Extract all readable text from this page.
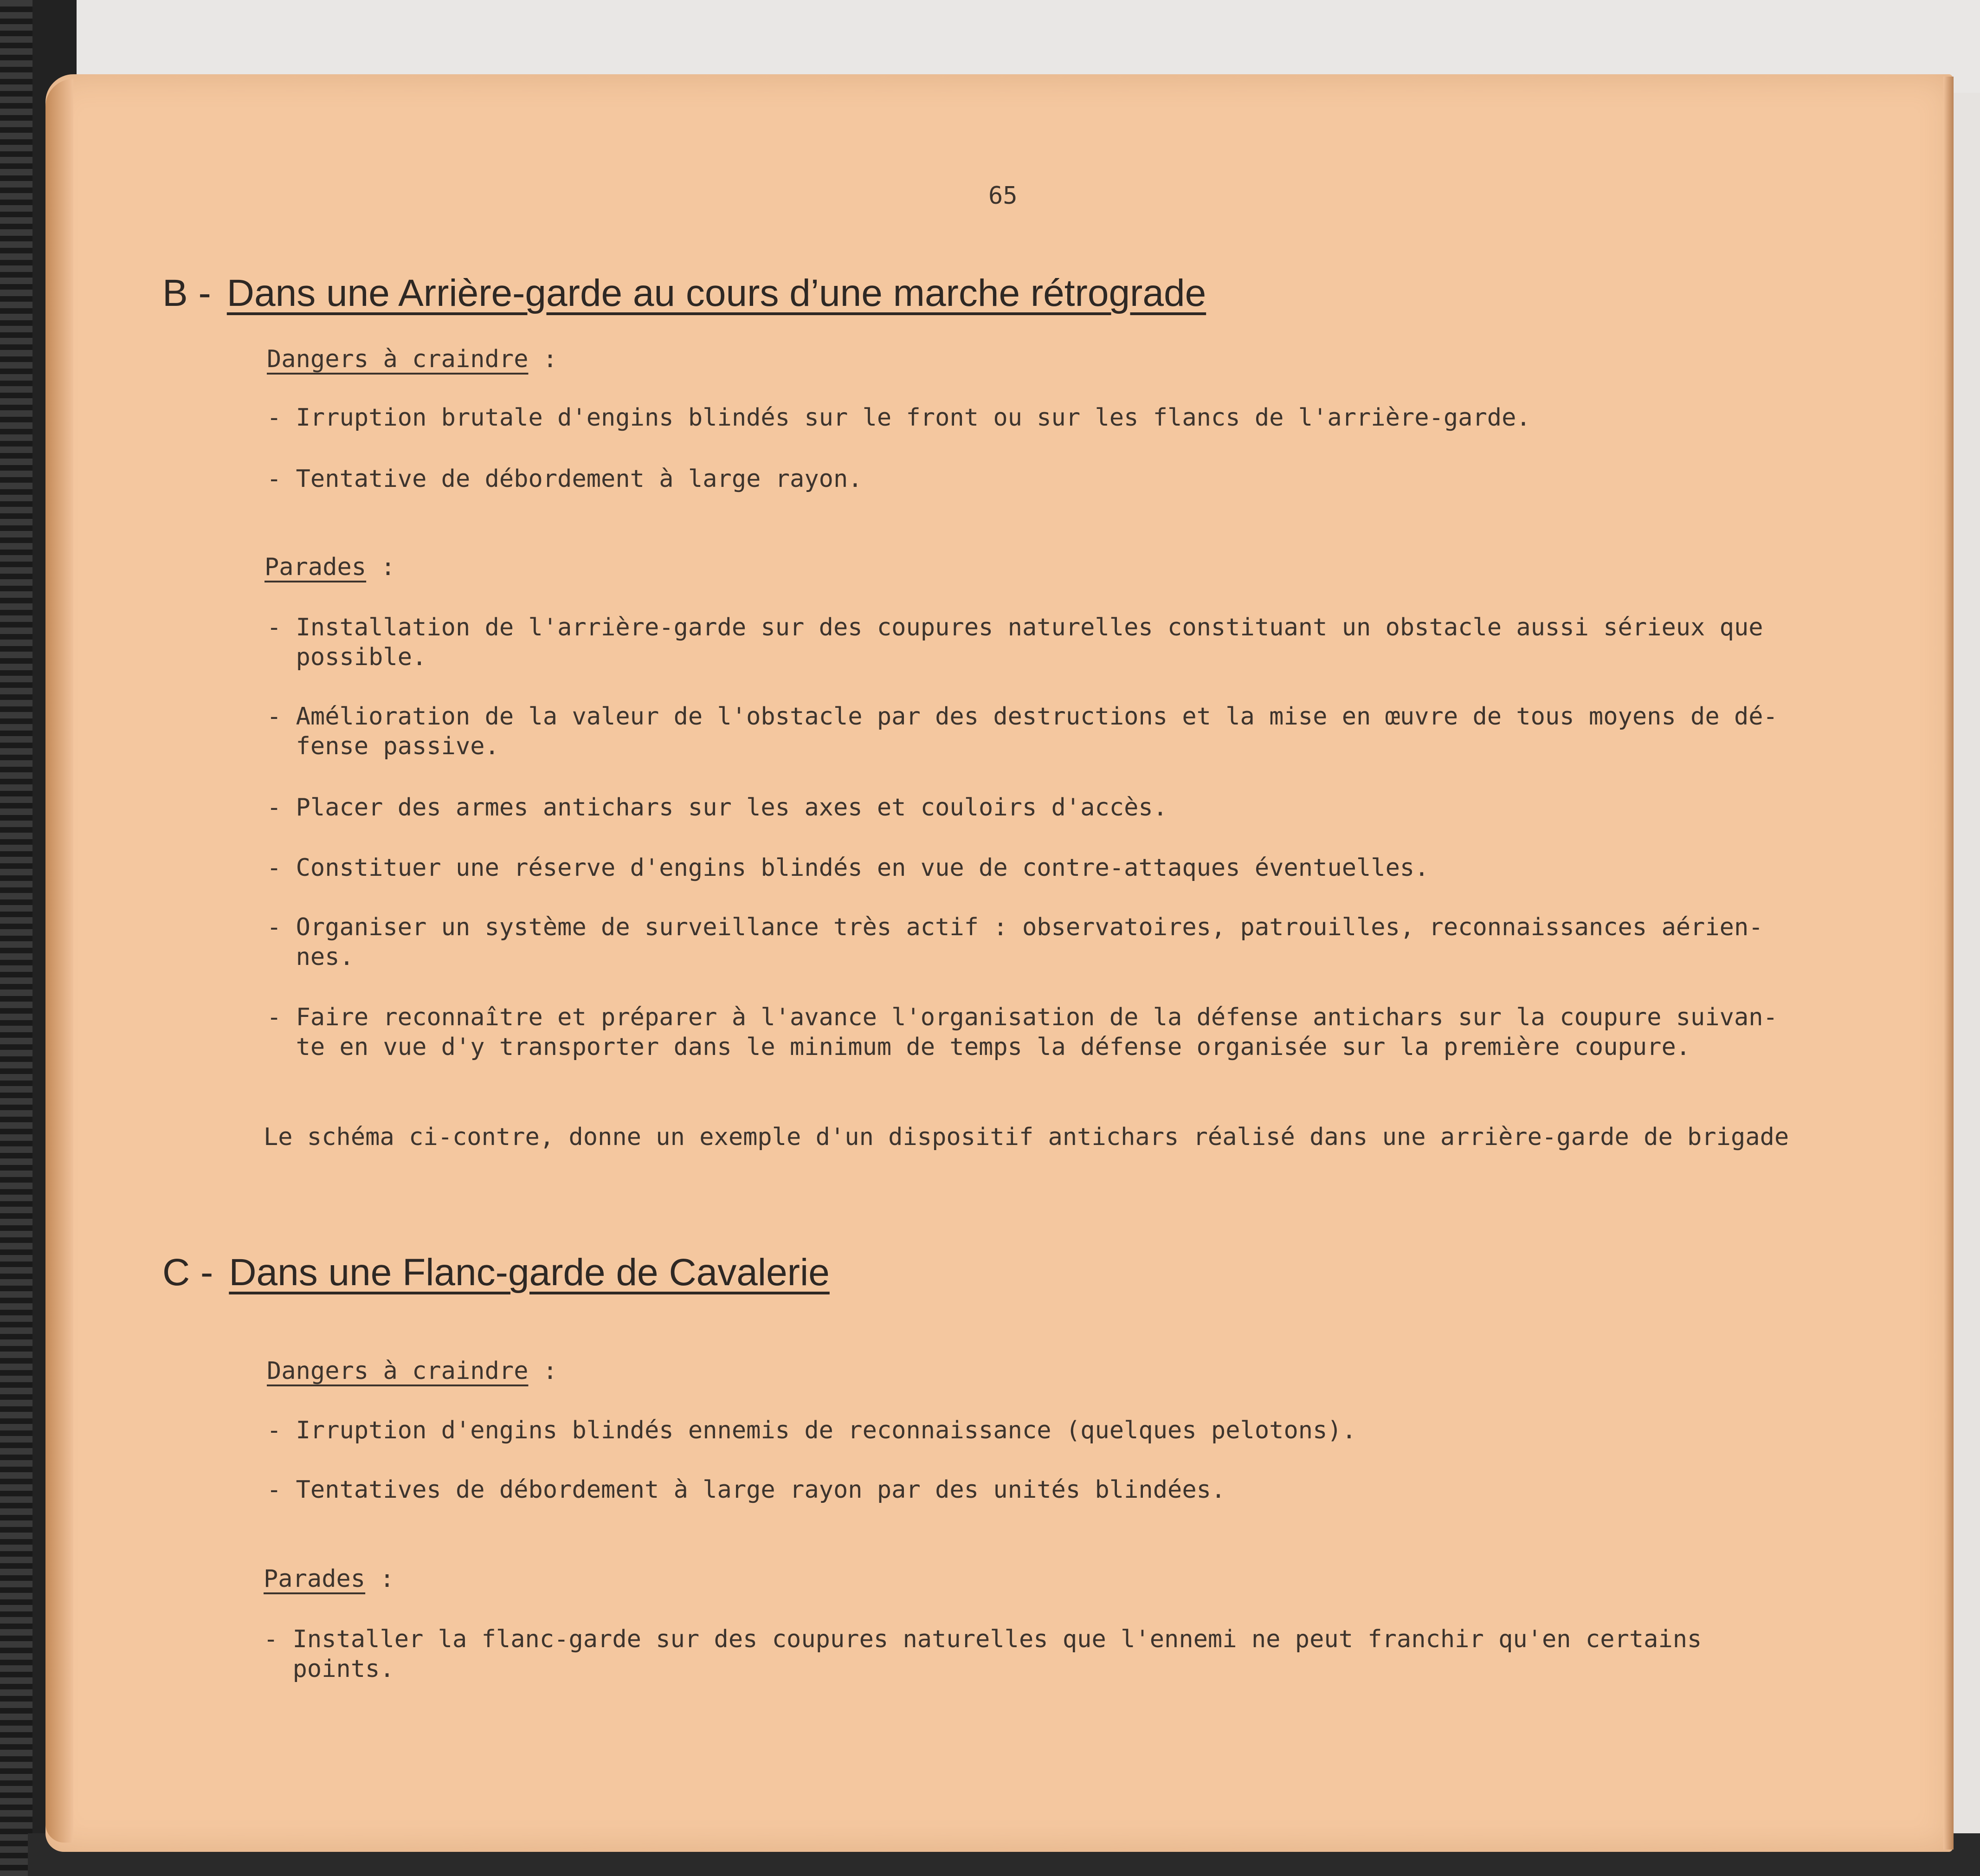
65
B - Dans une Arrière-garde au cours d’une marche rétrograde
Dangers à craindre :
- Irruption brutale d'engins blindés sur le front ou sur les flancs de l'arrière-garde.
- Tentative de débordement à large rayon.
Parades :
- Installation de l'arrière-garde sur des coupures naturelles constituant un obstacle aussi sérieux que
possible.
- Amélioration de la valeur de l'obstacle par des destructions et la mise en œuvre de tous moyens de dé-
fense passive.
- Placer des armes antichars sur les axes et couloirs d'accès.
- Constituer une réserve d'engins blindés en vue de contre-attaques éventuelles.
- Organiser un système de surveillance très actif : observatoires, patrouilles, reconnaissances aérien-
nes.
- Faire reconnaître et préparer à l'avance l'organisation de la défense antichars sur la coupure suivan-
te en vue d'y transporter dans le minimum de temps la défense organisée sur la première coupure.
Le schéma ci-contre, donne un exemple d'un dispositif antichars réalisé dans une arrière-garde de brigade
C - Dans une Flanc-garde de Cavalerie
Dangers à craindre :
- Irruption d'engins blindés ennemis de reconnaissance (quelques pelotons).
- Tentatives de débordement à large rayon par des unités blindées.
Parades :
- Installer la flanc-garde sur des coupures naturelles que l'ennemi ne peut franchir qu'en certains
points.
